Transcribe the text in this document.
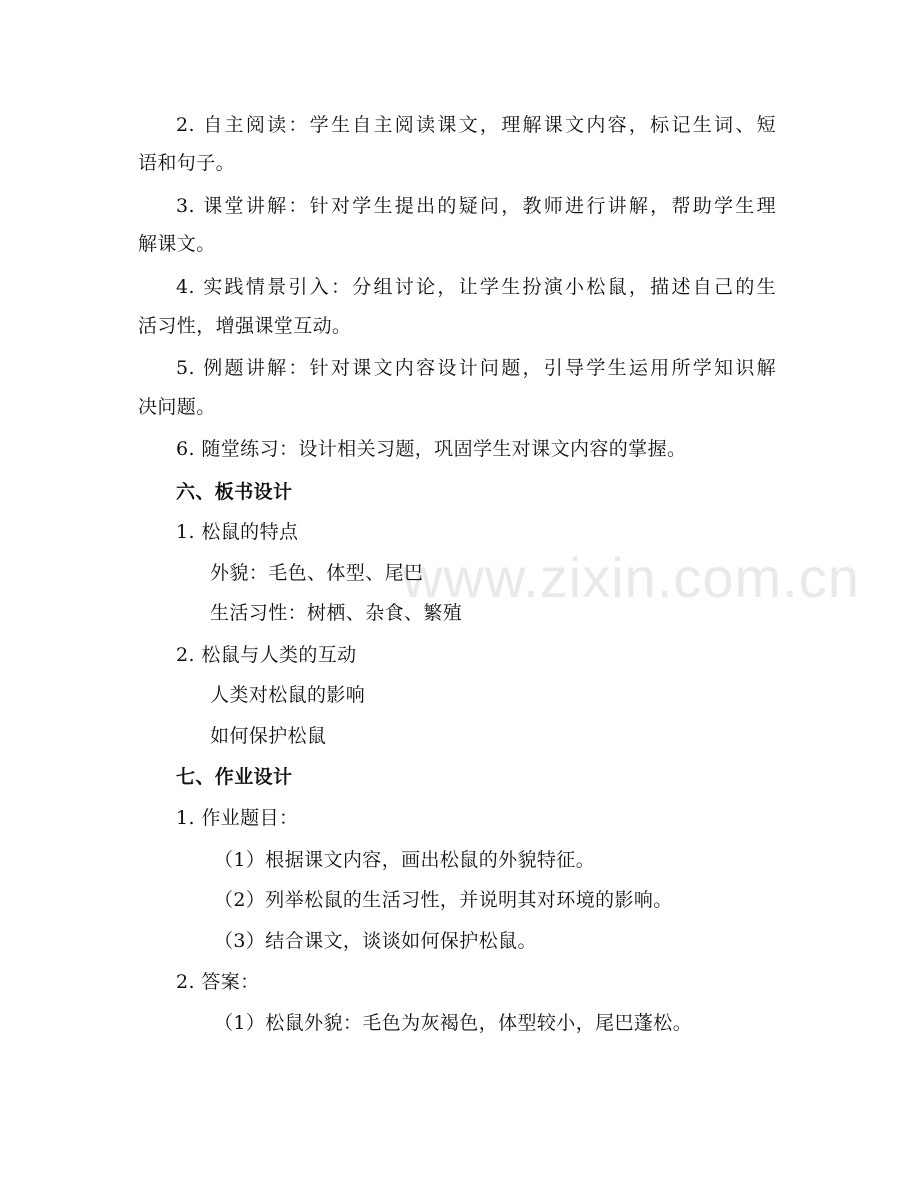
www.zixin.com.cn
2. 自主阅读：学生自主阅读课文，理解课文内容，标记生词、短
语和句子。
3. 课堂讲解：针对学生提出的疑问，教师进行讲解，帮助学生理
解课文。
4. 实践情景引入：分组讨论，让学生扮演小松鼠，描述自己的生
活习性，增强课堂互动。
5. 例题讲解：针对课文内容设计问题，引导学生运用所学知识解
决问题。
6. 随堂练习：设计相关习题，巩固学生对课文内容的掌握。
六、板书设计
1. 松鼠的特点
外貌：毛色、体型、尾巴
生活习性：树栖、杂食、繁殖
2. 松鼠与人类的互动
人类对松鼠的影响
如何保护松鼠
七、作业设计
1. 作业题目：
（1）根据课文内容，画出松鼠的外貌特征。
（2）列举松鼠的生活习性，并说明其对环境的影响。
（3）结合课文，谈谈如何保护松鼠。
2. 答案：
（1）松鼠外貌：毛色为灰褐色，体型较小，尾巴蓬松。
